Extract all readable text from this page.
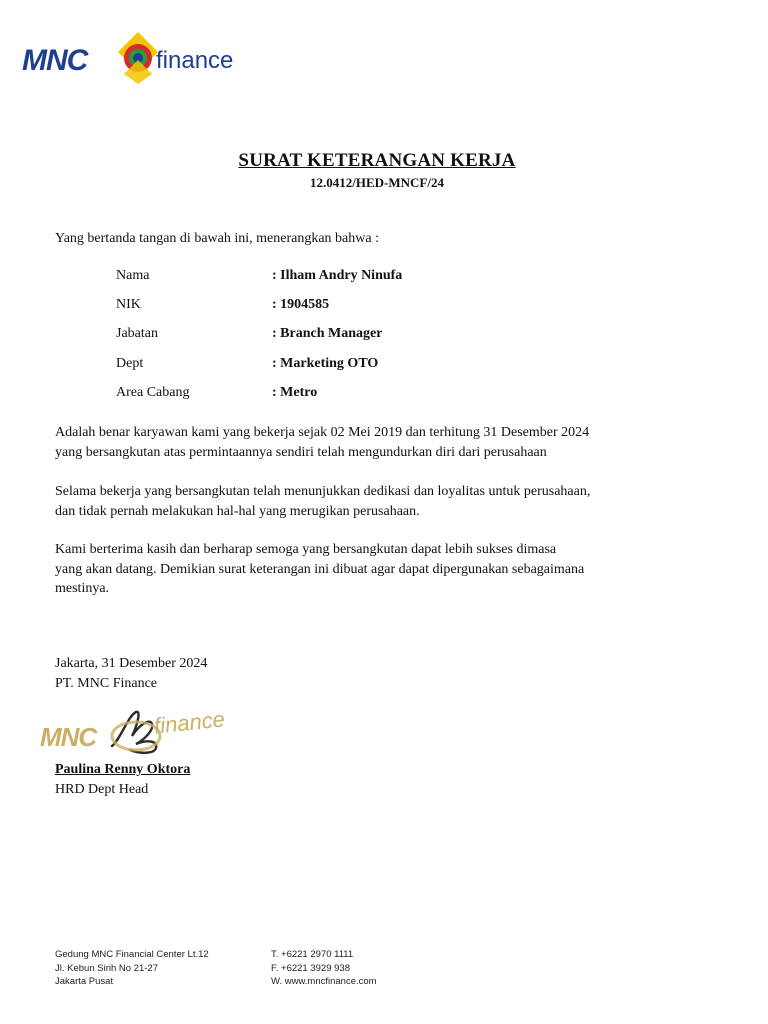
MNC	finance
SURAT KETERANGAN KERJA
12.0412/HED-MNCF/24
Yang bertanda tangan di bawah ini, menerangkan bahwa :
Nama	: Ilham Andry Ninufa
NIK	: 1904585
Jabatan	: Branch Manager
Dept	: Marketing OTO
Area Cabang	: Metro
Adalah benar karyawan kami yang bekerja sejak 02 Mei 2019 dan terhitung 31 Desember 2024
yang bersangkutan atas permintaannya sendiri telah mengundurkan diri dari perusahaan
Selama bekerja yang bersangkutan telah menunjukkan dedikasi dan loyalitas untuk perusahaan,
dan tidak pernah melakukan hal-hal yang merugikan perusahaan.
Kami berterima kasih dan berharap semoga yang bersangkutan dapat lebih sukses dimasa
yang akan datang. Demikian surat keterangan ini dibuat agar dapat dipergunakan sebagaimana
mestinya.
Jakarta, 31 Desember 2024
PT. MNC Finance
MNC	finance
Paulina Renny Oktora
HRD Dept Head
Gedung MNC Financial Center Lt.12
Jl. Kebun Sirih No 21-27
Jakarta Pusat
T. +6221 2970 1111
F. +6221 3929 938
W. www.mncfinance.com
